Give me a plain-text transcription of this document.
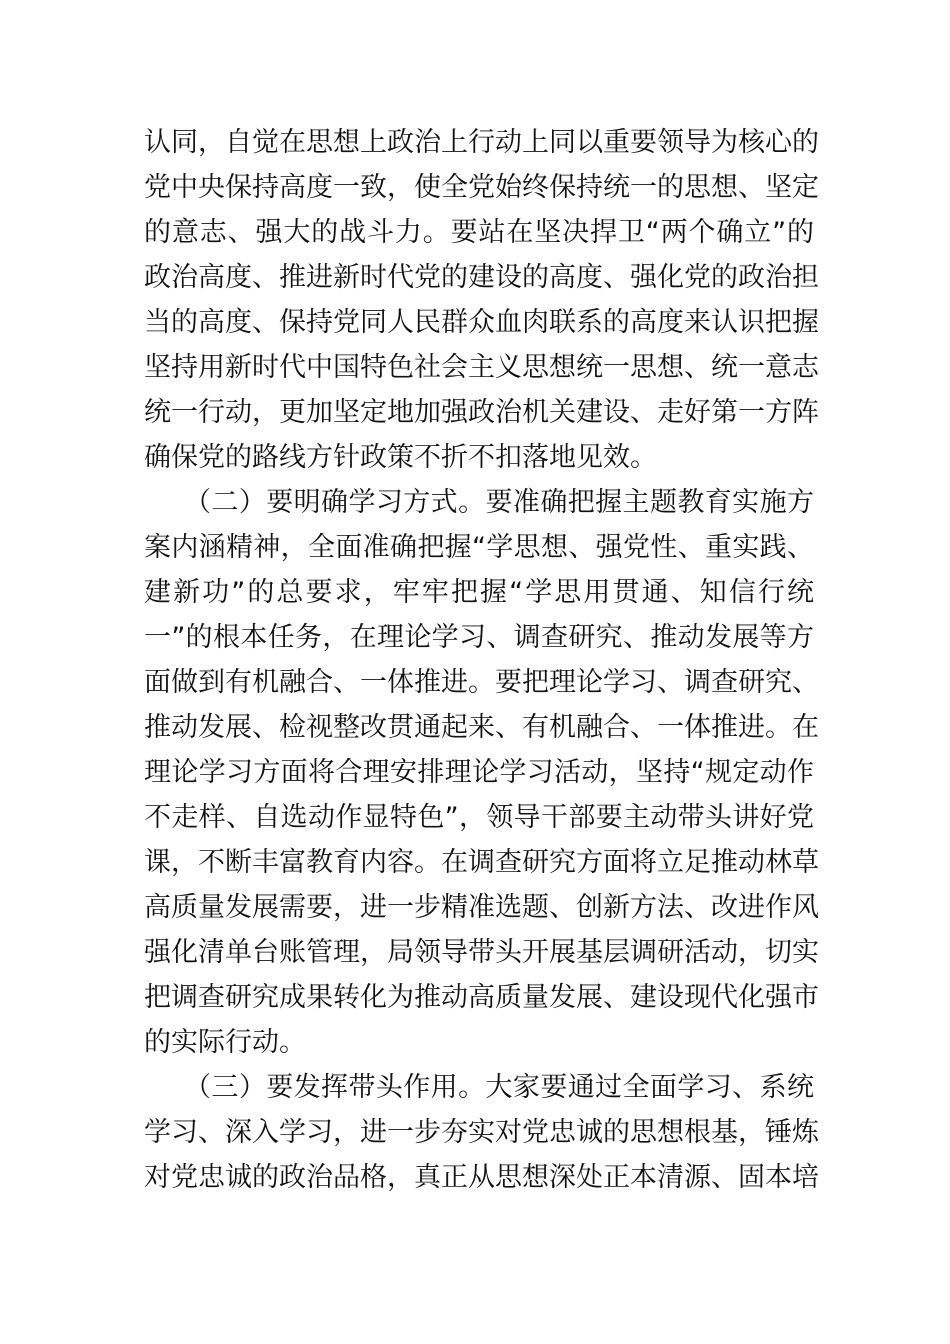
认同，自觉在思想上政治上行动上同以重要领导为核心的
党中央保持高度一致，使全党始终保持统一的思想、坚定
的意志、强大的战斗力。要站在坚决捍卫“两个确立”的
政治高度、推进新时代党的建设的高度、强化党的政治担
当的高度、保持党同人民群众血肉联系的高度来认识把握
坚持用新时代中国特色社会主义思想统一思想、统一意志
统一行动，更加坚定地加强政治机关建设、走好第一方阵
确保党的路线方针政策不折不扣落地见效。
（二）要明确学习方式。要准确把握主题教育实施方
案内涵精神，全面准确把握“学思想、强党性、重实践、
建新功”的总要求，牢牢把握“学思用贯通、知信行统
一”的根本任务，在理论学习、调查研究、推动发展等方
面做到有机融合、一体推进。要把理论学习、调查研究、
推动发展、检视整改贯通起来、有机融合、一体推进。在
理论学习方面将合理安排理论学习活动，坚持“规定动作
不走样、自选动作显特色”，领导干部要主动带头讲好党
课，不断丰富教育内容。在调查研究方面将立足推动林草
高质量发展需要，进一步精准选题、创新方法、改进作风
强化清单台账管理，局领导带头开展基层调研活动，切实
把调查研究成果转化为推动高质量发展、建设现代化强市
的实际行动。
（三）要发挥带头作用。大家要通过全面学习、系统
学习、深入学习，进一步夯实对党忠诚的思想根基，锤炼
对党忠诚的政治品格，真正从思想深处正本清源、固本培
